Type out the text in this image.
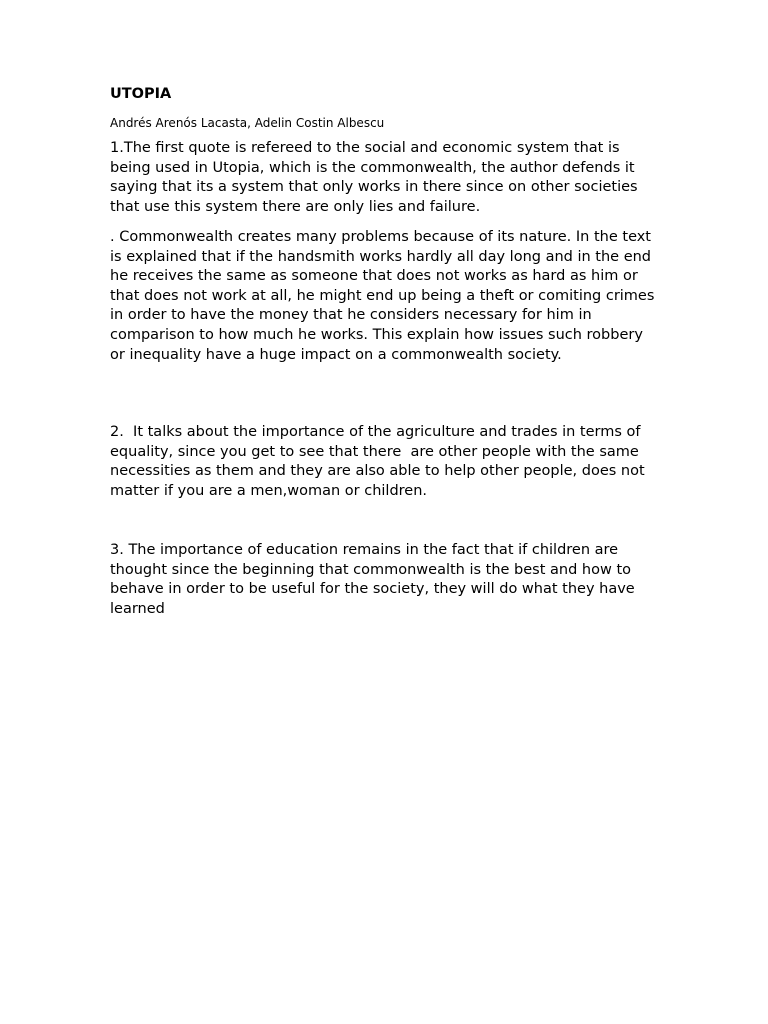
UTOPIA

Andrés Arenós Lacasta, Adelin Costin Albescu

1.The first quote is refereed to the social and economic system that is being used in Utopia, which is the commonwealth, the author defends it saying that its a system that only works in there since on other societies that use this system there are only lies and failure.

. Commonwealth creates many problems because of its nature. In the text is explained that if the handsmith works hardly all day long and in the end he receives the same as someone that does not works as hard as him or that does not work at all, he might end up being a theft or comiting crimes in order to have the money that he considers necessary for him in comparison to how much he works. This explain how issues such robbery or inequality have a huge impact on a commonwealth society.

2.  It talks about the importance of the agriculture and trades in terms of equality, since you get to see that there  are other people with the same necessities as them and they are also able to help other people, does not matter if you are a men,woman or children.

3. The importance of education remains in the fact that if children are thought since the beginning that commonwealth is the best and how to behave in order to be useful for the society, they will do what they have learned
